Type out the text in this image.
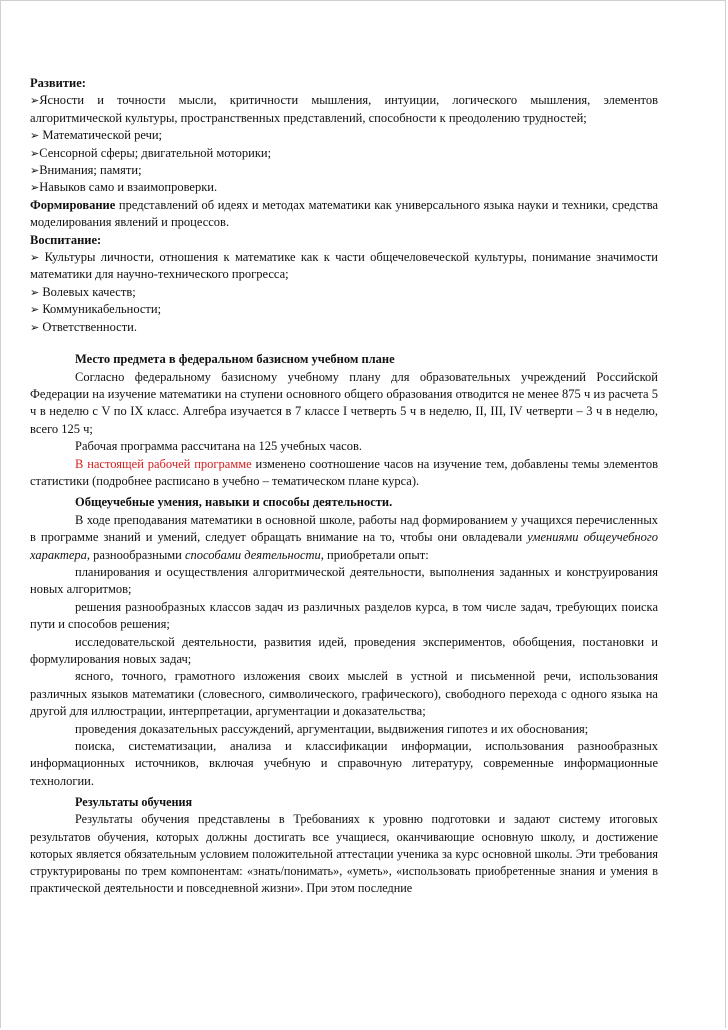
Развитие:

➢Ясности и точности мысли, критичности мышления, интуиции, логического мышления, элементов алгоритмической культуры, пространственных представлений, способности к преодолению трудностей;

➢ Математической речи;

➢Сенсорной сферы; двигательной моторики;

➢Внимания; памяти;

➢Навыков само и взаимопроверки.

Формирование представлений об идеях и методах математики как универсального языка науки и техники, средства моделирования явлений и процессов.

Воспитание:

➢ Культуры личности, отношения к математике как к части общечеловеческой культуры, понимание значимости математики для научно-технического прогресса;

➢ Волевых качеств;

➢ Коммуникабельности;

➢ Ответственности.

Место предмета в федеральном базисном учебном плане

Согласно федеральному базисному учебному плану для образовательных учреждений Российской Федерации на изучение математики на ступени основного общего образования отводится не менее 875 ч из расчета 5 ч в неделю с V по IX класс. Алгебра изучается в 7 классе I четверть 5 ч в неделю, II, III, IV четверти – 3 ч в неделю, всего 125 ч;

Рабочая программа рассчитана на 125 учебных часов.

В настоящей рабочей программе изменено соотношение часов на изучение тем, добавлены темы элементов статистики (подробнее расписано в учебно – тематическом плане курса).

Общеучебные умения, навыки и способы деятельности.

В ходе преподавания математики в основной школе, работы над формированием у учащихся перечисленных в программе знаний и умений, следует обращать внимание на то, чтобы они овладевали умениями общеучебного характера, разнообразными способами деятельности, приобретали опыт:

планирования и осуществления алгоритмической деятельности, выполнения заданных и конструирования новых алгоритмов;

решения разнообразных классов задач из различных разделов курса, в том числе задач, требующих поиска пути и способов решения;

исследовательской деятельности, развития идей, проведения экспериментов, обобщения, постановки и формулирования новых задач;

ясного, точного, грамотного изложения своих мыслей в устной и письменной речи, использования различных языков математики (словесного, символического, графического), свободного перехода с одного языка на другой для иллюстрации, интерпретации, аргументации и доказательства;

проведения доказательных рассуждений, аргументации, выдвижения гипотез и их обоснования;

поиска, систематизации, анализа и классификации информации, использования разнообразных информационных источников, включая учебную и справочную литературу, современные информационные технологии.

Результаты обучения

Результаты обучения представлены в Требованиях к уровню подготовки и задают систему итоговых результатов обучения, которых должны достигать все учащиеся, оканчивающие основную школу, и достижение которых является обязательным условием положительной аттестации ученика за курс основной школы. Эти требования структурированы по трем компонентам: «знать/понимать», «уметь», «использовать приобретенные знания и умения в практической деятельности и повседневной жизни». При этом последние
